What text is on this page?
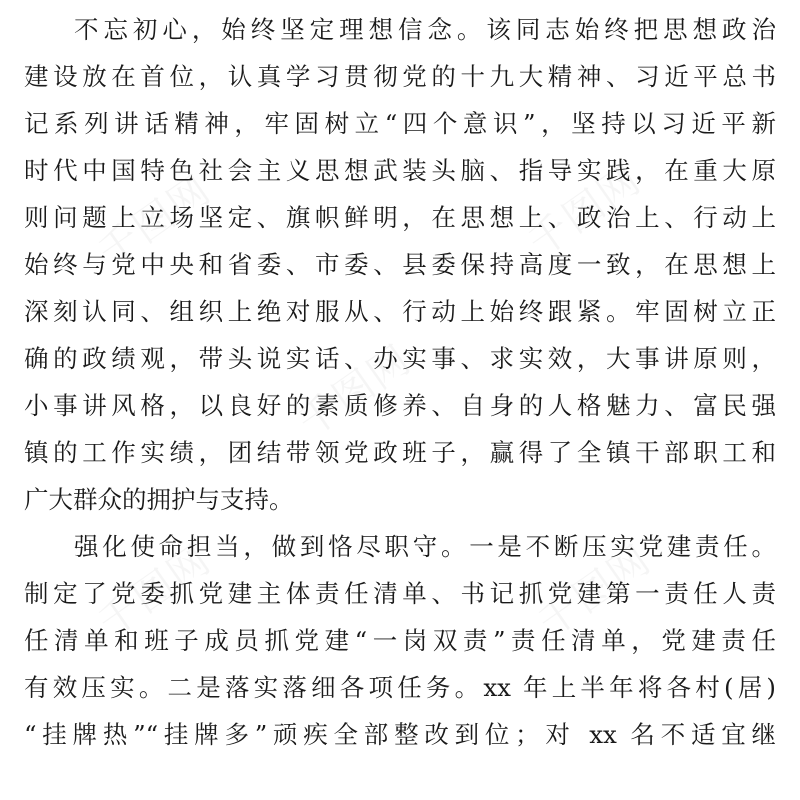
千图网	千图网
千图网
千图网	千图网
不忘初心，始终坚定理想信念。该同志始终把思想政治
建设放在首位，认真学习贯彻党的十九大精神、习近平总书
记系列讲话精神，牢固树立“四个意识”，坚持以习近平新
时代中国特色社会主义思想武装头脑、指导实践，在重大原
则问题上立场坚定、旗帜鲜明，在思想上、政治上、行动上
始终与党中央和省委、市委、县委保持高度一致，在思想上
深刻认同、组织上绝对服从、行动上始终跟紧。牢固树立正
确的政绩观，带头说实话、办实事、求实效，大事讲原则，
小事讲风格，以良好的素质修养、自身的人格魅力、富民强
镇的工作实绩，团结带领党政班子，赢得了全镇干部职工和
广大群众的拥护与支持。
强化使命担当，做到恪尽职守。一是不断压实党建责任。
制定了党委抓党建主体责任清单、书记抓党建第一责任人责
任清单和班子成员抓党建“一岗双责”责任清单，党建责任
有效压实。二是落实落细各项任务。xx 年上半年将各村(居)
“挂牌热”“挂牌多”顽疾全部整改到位；对 xx 名不适宜继
